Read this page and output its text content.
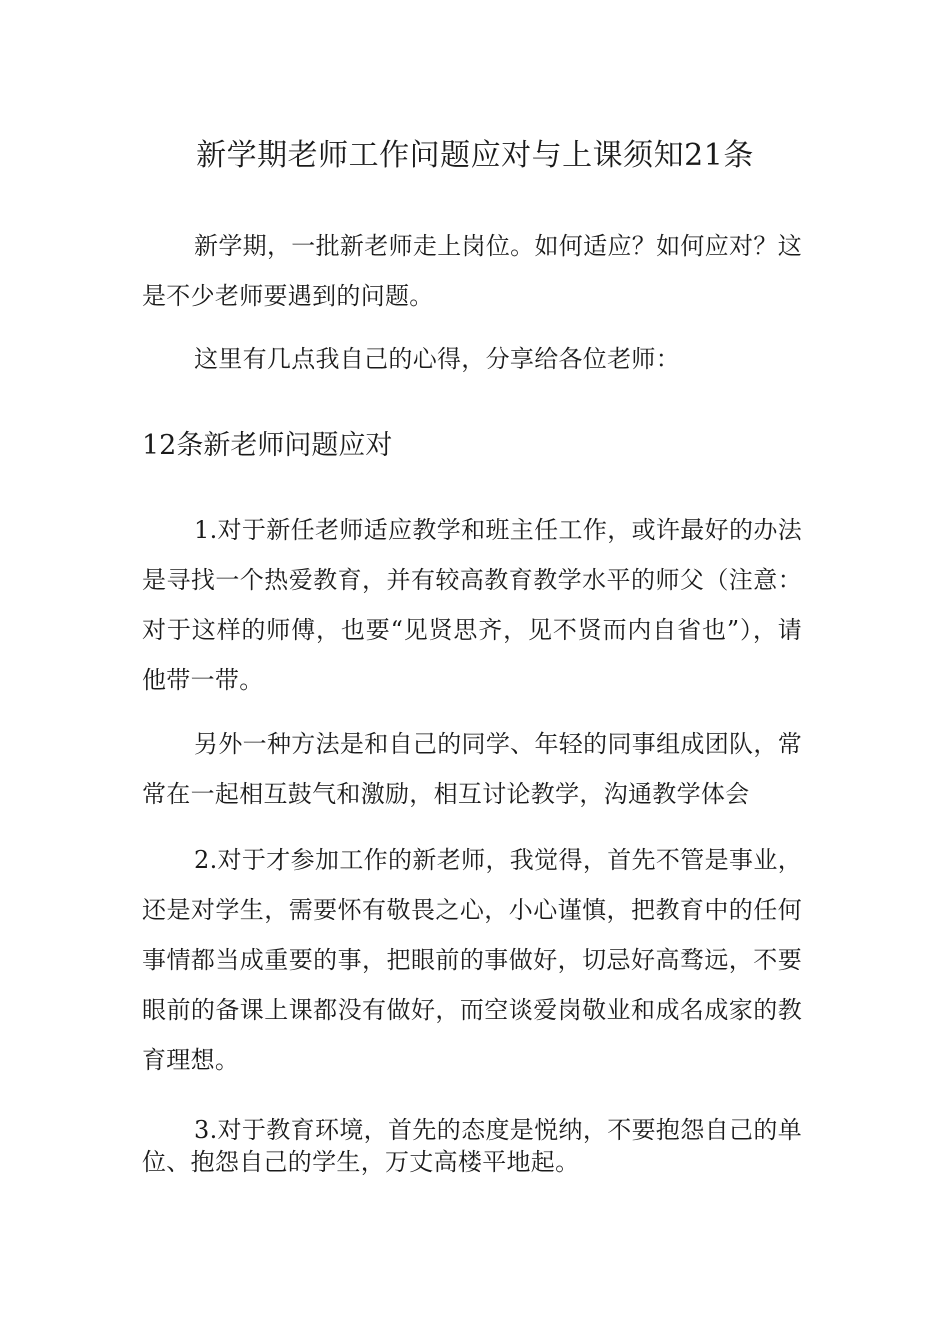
新学期老师工作问题应对与上课须知21条

新学期，一批新老师走上岗位。如何适应？如何应对？这是不少老师要遇到的问题。

这里有几点我自己的心得，分享给各位老师：

12条新老师问题应对

1.对于新任老师适应教学和班主任工作，或许最好的办法是寻找一个热爱教育，并有较高教育教学水平的师父（注意：对于这样的师傅，也要“见贤思齐，见不贤而内自省也”），请他带一带。

另外一种方法是和自己的同学、年轻的同事组成团队，常常在一起相互鼓气和激励，相互讨论教学，沟通教学体会

2.对于才参加工作的新老师，我觉得，首先不管是事业，还是对学生，需要怀有敬畏之心，小心谨慎，把教育中的任何事情都当成重要的事，把眼前的事做好，切忌好高骛远，不要眼前的备课上课都没有做好，而空谈爱岗敬业和成名成家的教育理想。

3.对于教育环境，首先的态度是悦纳，不要抱怨自己的单位、抱怨自己的学生，万丈高楼平地起。
